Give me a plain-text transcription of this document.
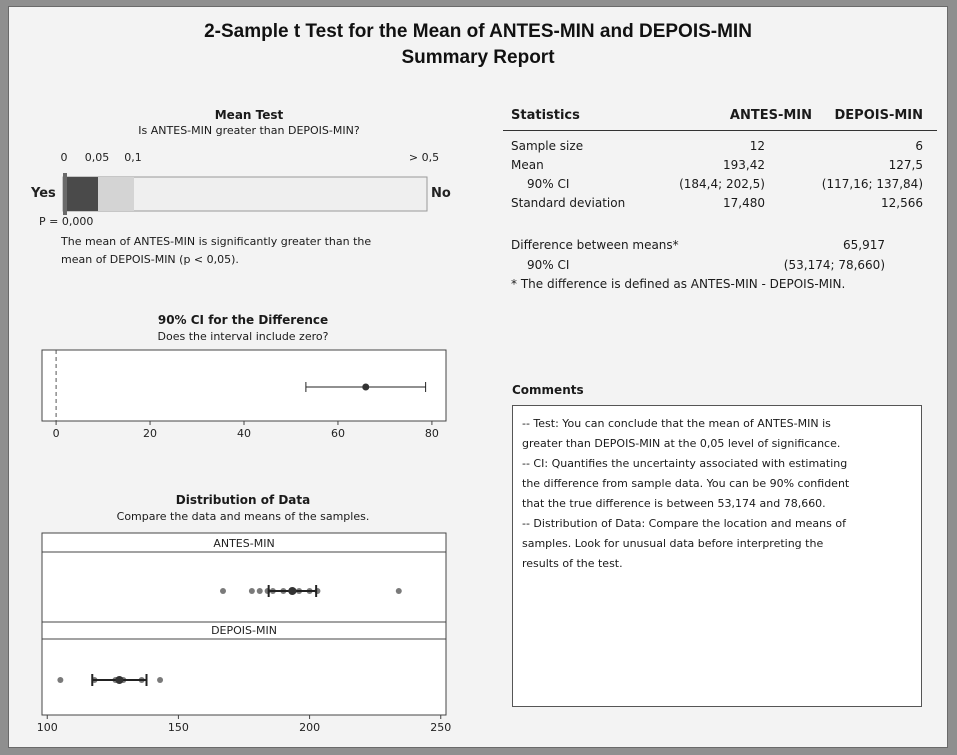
2-Sample t Test for the Mean of ANTES-MIN and DEPOIS-MIN
Summary Report
Mean Test
Is ANTES-MIN greater than DEPOIS-MIN?
0 0,05 0,1	> 0,5
Yes	No
P = 0,000
The mean of ANTES-MIN is significantly greater than the
mean of DEPOIS-MIN (p < 0,05).
90% CI for the Difference
Does the interval include zero?
0	20	40	60	80
Distribution of Data
Compare the data and means of the samples.
ANTES-MIN
DEPOIS-MIN
100	150	200	250
Statistics	ANTES-MIN DEPOIS-MIN
Sample size	12	6
Mean	193,42	127,5
90% CI	(184,4; 202,5)	(117,16; 137,84)
Standard deviation	17,480	12,566
Difference between means*	65,917
90% CI	(53,174; 78,660)
* The difference is defined as ANTES-MIN - DEPOIS-MIN.
Comments
-- Test: You can conclude that the mean of ANTES-MIN is
greater than DEPOIS-MIN at the 0,05 level of significance.
-- CI: Quantifies the uncertainty associated with estimating
the difference from sample data. You can be 90% confident
that the true difference is between 53,174 and 78,660.
-- Distribution of Data: Compare the location and means of
samples. Look for unusual data before interpreting the
results of the test.
